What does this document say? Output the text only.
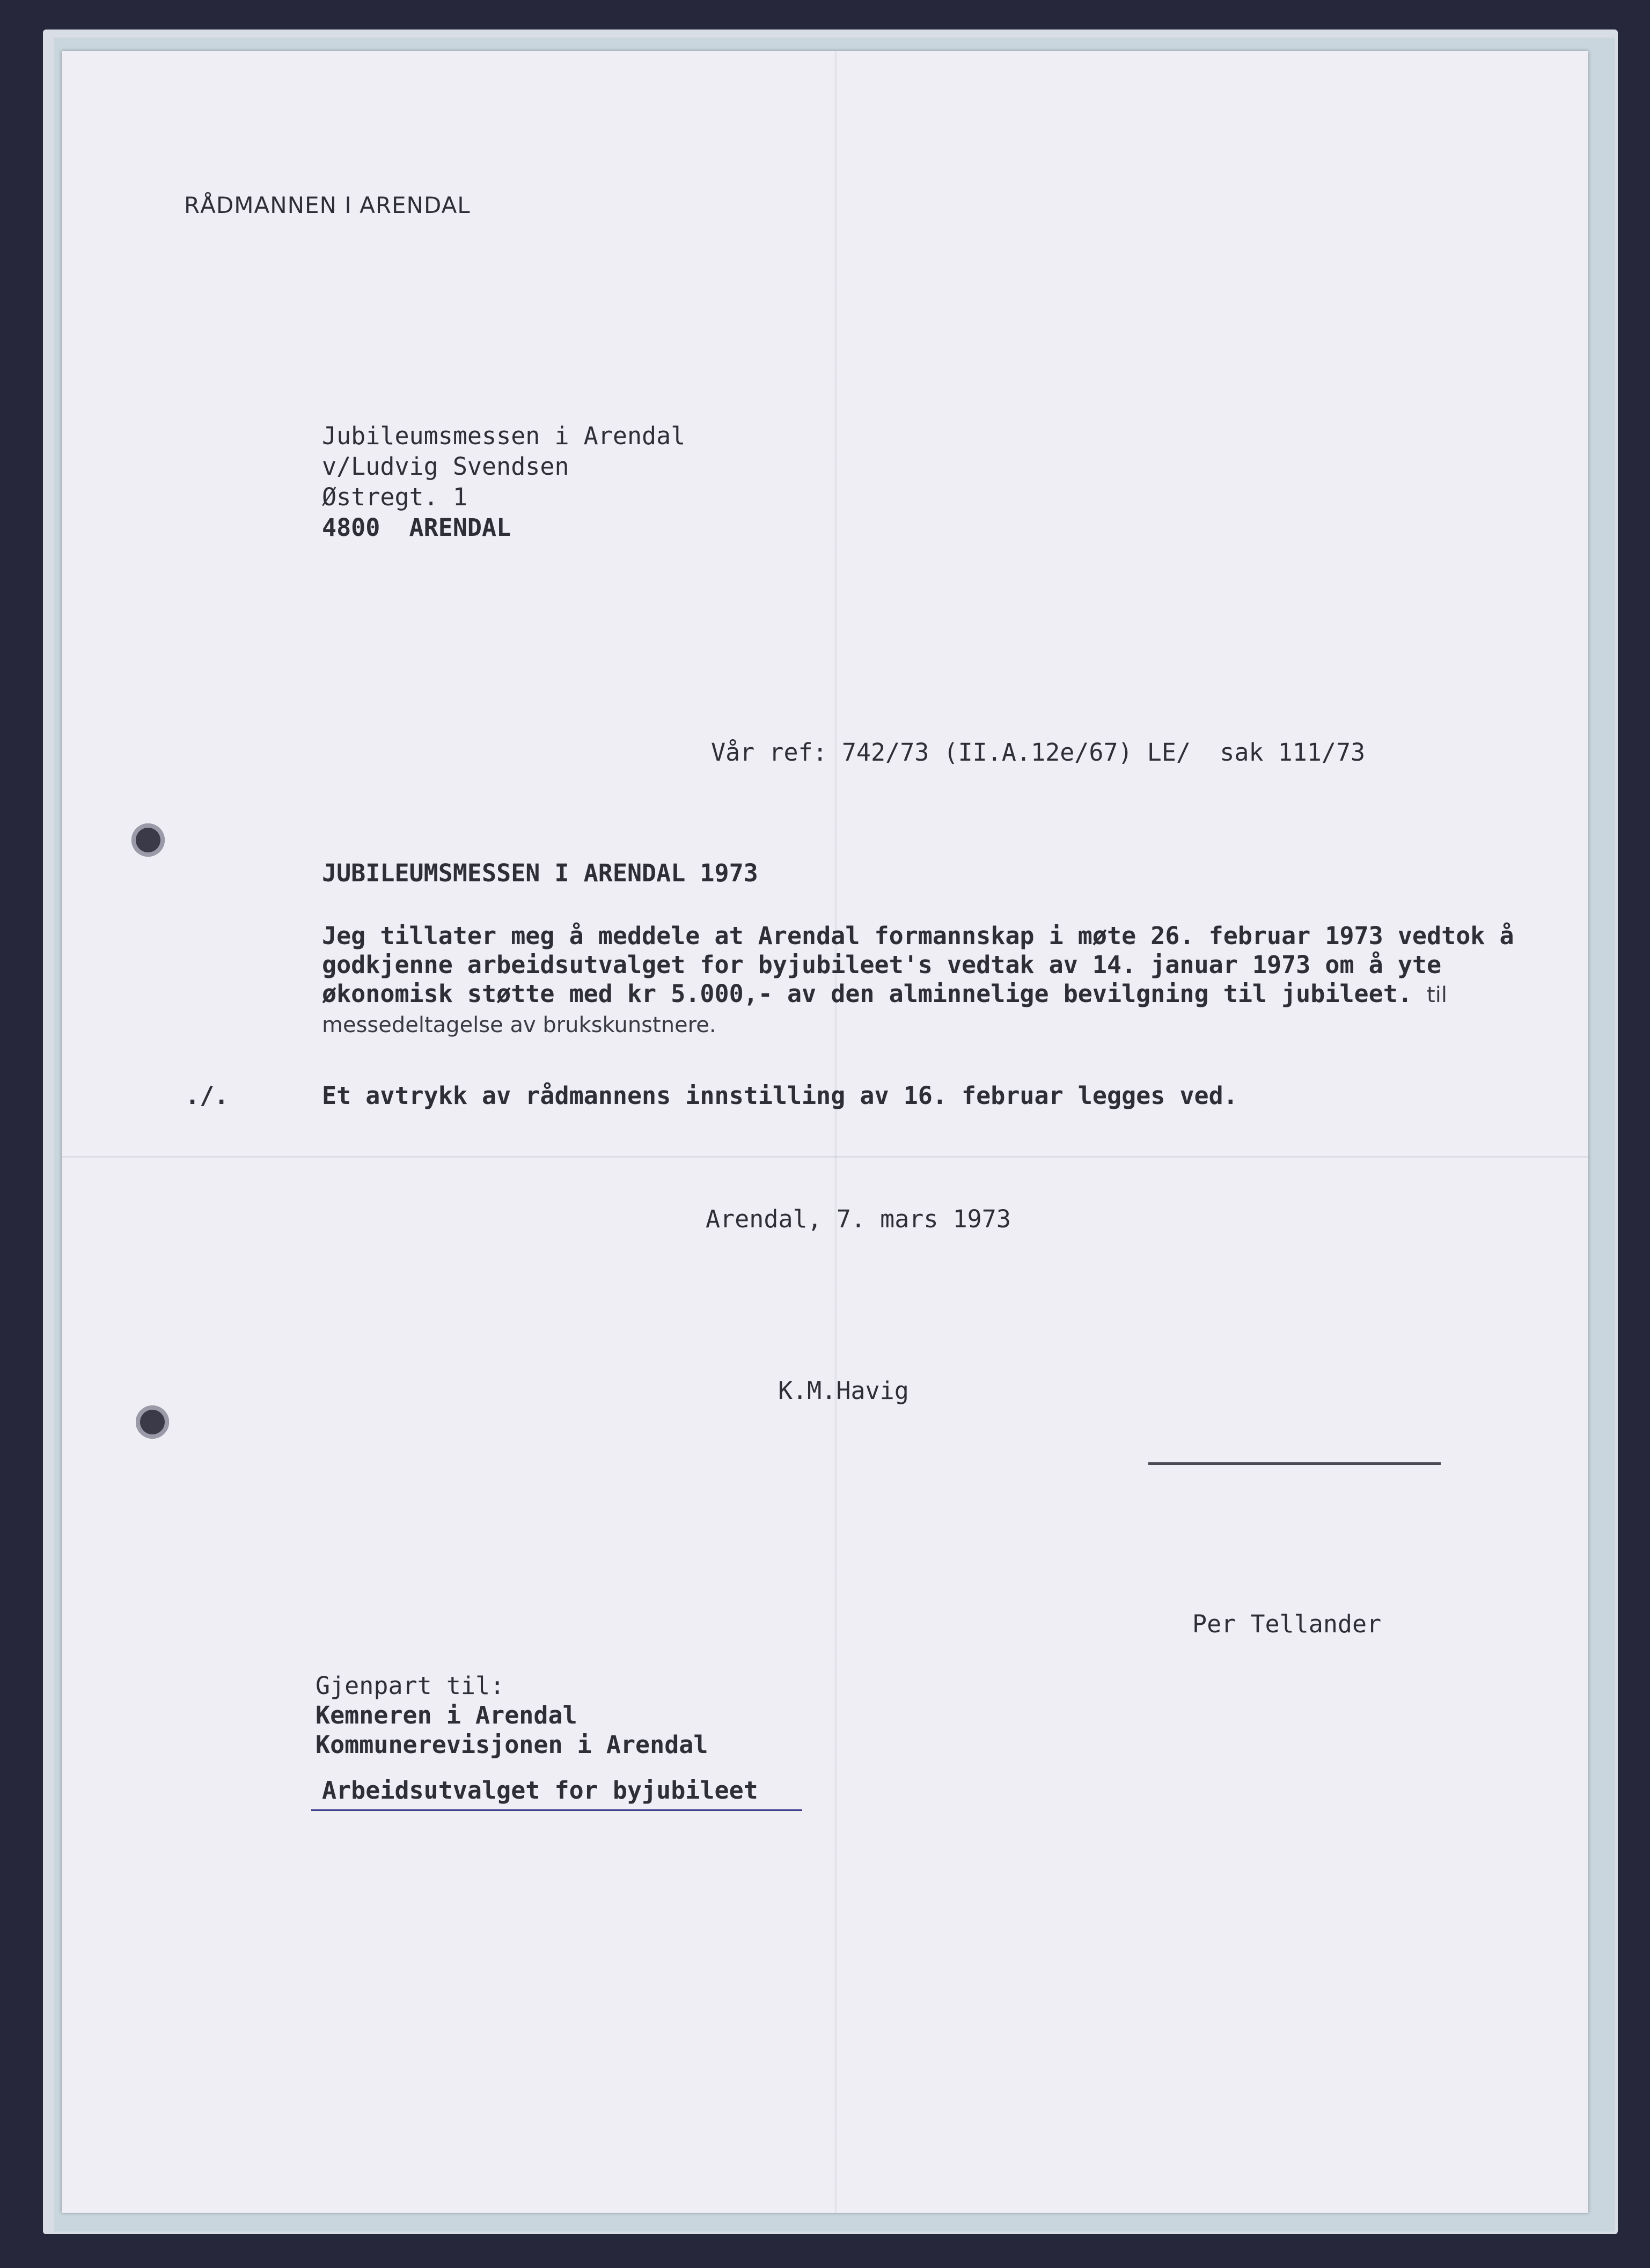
RÅDMANNEN I ARENDAL
Jubileumsmessen i Arendal
v/Ludvig Svendsen
Østregt. 1
4800  ARENDAL
Vår ref: 742/73 (II.A.12e/67) LE/  sak 111/73
JUBILEUMSMESSEN I ARENDAL 1973

Jeg tillater meg å meddele at Arendal formannskap i møte 26. februar 1973 vedtok å godkjenne arbeidsutvalget for byjubileet's vedtak av 14. januar 1973 om å yte økonomisk støtte med kr 5.000,- av den alminnelige bevilgning til jubileet. til messedeltagelse av brukskunstnere.

./.	Et avtrykk av rådmannens innstilling av 16. februar legges ved.
Arendal, 7. mars 1973
K.M.Havig
Per Tellander
Gjenpart til:
Kemneren i Arendal
Kommunerevisjonen i Arendal
Arbeidsutvalget for byjubileet
